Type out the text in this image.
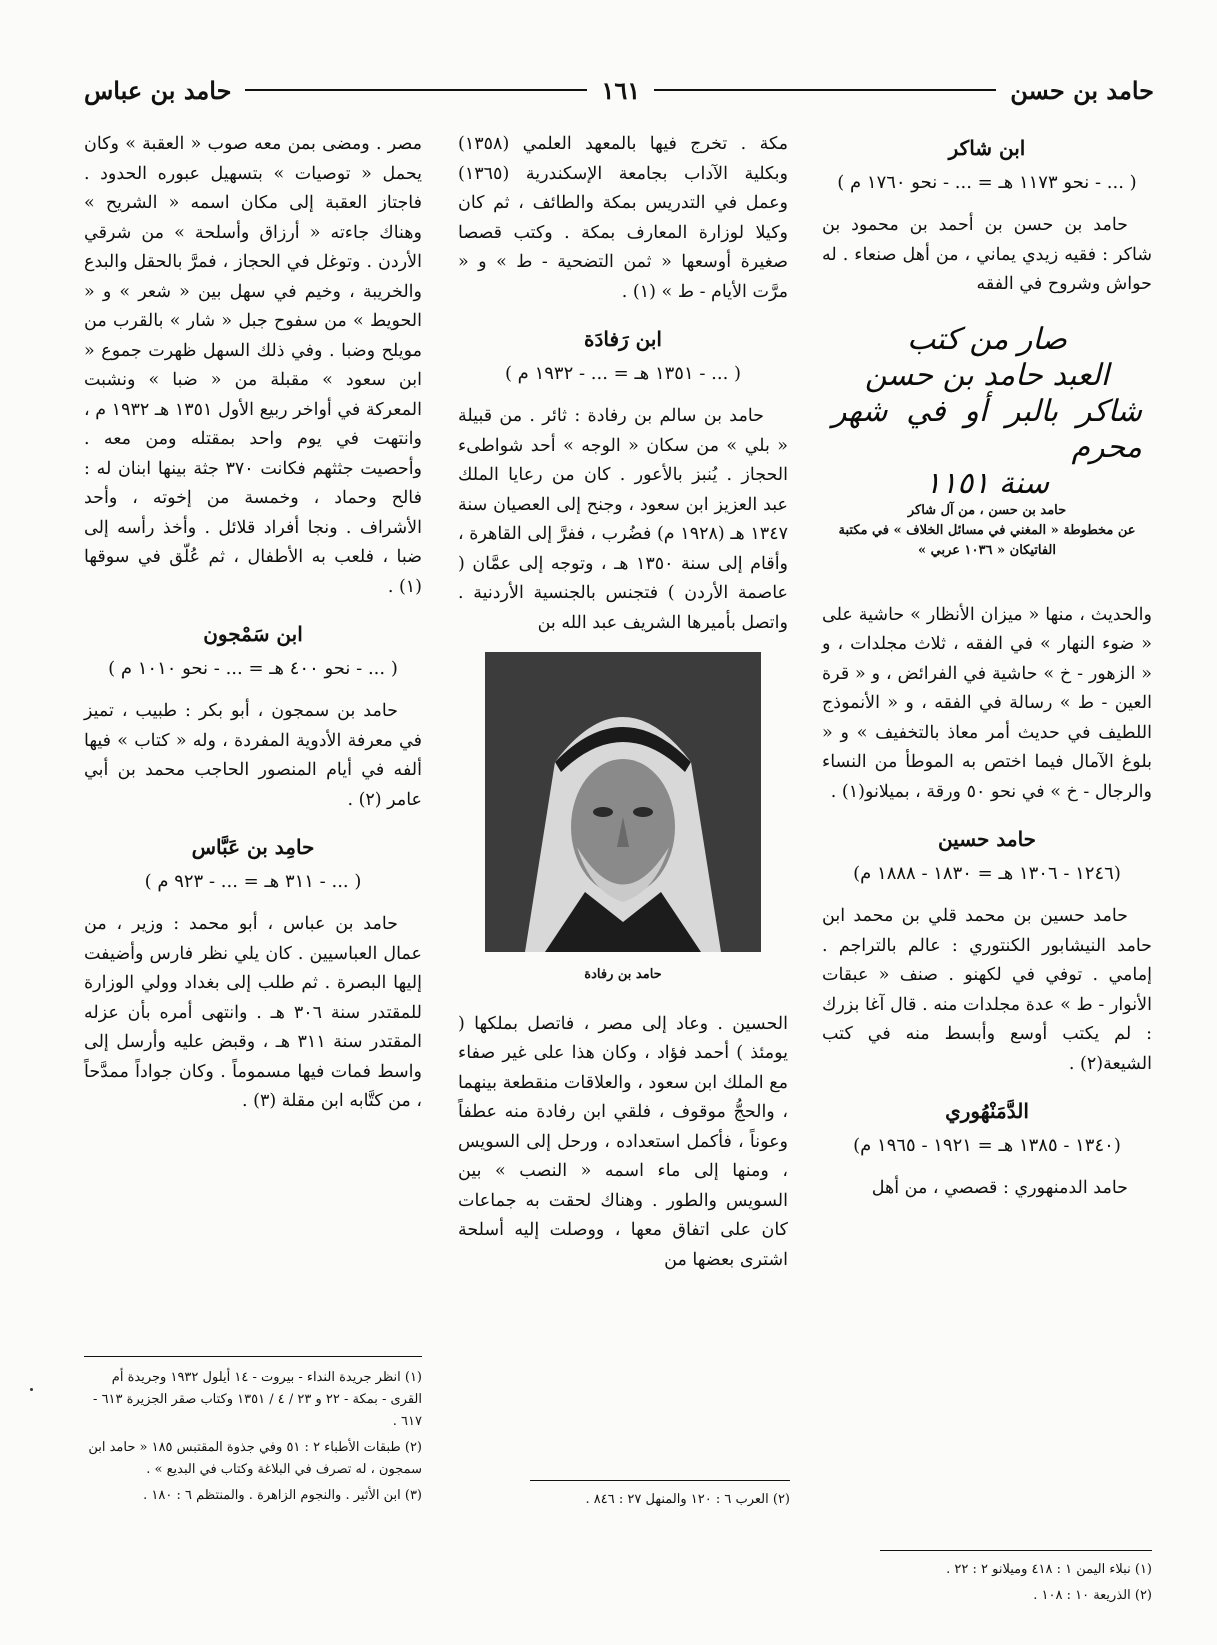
حامد بن حسن
١٦١
حامد بن عباس
ابن شاكر
( ... - نحو ١١٧٣ هـ = ... - نحو ١٧٦٠ م )

حامد بن حسن بن أحمد بن محمود بن شاكر : فقيه زيدي يماني ، من أهل صنعاء . له حواش وشروح في الفقه

صار من كتب
العبد حامد بن حسن
شاكر بالبر أو في شهر محرم
سنة ١١٥١
حامد بن حسن ، من آل شاكر
عن مخطوطة « المغني في مسائل الخلاف » في مكتبة
الفاتيكان « ١٠٣٦ عربي »

والحديث ، منها « ميزان الأنظار » حاشية على « ضوء النهار » في الفقه ، ثلاث مجلدات ، و « الزهور - خ » حاشية في الفرائض ، و « قرة العين - ط » رسالة في الفقه ، و « الأنموذج اللطيف في حديث أمر معاذ بالتخفيف » و « بلوغ الآمال فيما اختص به الموطأ من النساء والرجال - خ » في نحو ٥٠ ورقة ، بميلانو(١) .

حامد حسين
(١٢٤٦ - ١٣٠٦ هـ = ١٨٣٠ - ١٨٨٨ م)

حامد حسين بن محمد قلي بن محمد ابن حامد النيشابور الكنتوري : عالم بالتراجم . إمامي . توفي في لكهنو . صنف « عبقات الأنوار - ط » عدة مجلدات منه . قال آغا بزرك : لم يكتب أوسع وأبسط منه في كتب الشيعة(٢) .

الدَّمَنْهُوري
(١٣٤٠ - ١٣٨٥ هـ = ١٩٢١ - ١٩٦٥ م)

حامد الدمنهوري : قصصي ، من أهل

مكة . تخرج فيها بالمعهد العلمي (١٣٥٨) وبكلية الآداب بجامعة الإسكندرية (١٣٦٥) وعمل في التدريس بمكة والطائف ، ثم كان وكيلا لوزارة المعارف بمكة . وكتب قصصا صغيرة أوسعها « ثمن التضحية - ط » و « مرَّت الأيام - ط » (١) .

ابن رَفادَة
( ... - ١٣٥١ هـ = ... - ١٩٣٢ م )

حامد بن سالم بن رفادة : ثائر . من قبيلة « بلي » من سكان « الوجه » أحد شواطىء الحجاز . يُنبز بالأعور . كان من رعايا الملك عبد العزيز ابن سعود ، وجنح إلى العصيان سنة ١٣٤٧ هـ (١٩٢٨ م) فضُرب ، ففرَّ إلى القاهرة ، وأقام إلى سنة ١٣٥٠ هـ ، وتوجه إلى عمَّان ( عاصمة الأردن ) فتجنس بالجنسية الأردنية . واتصل بأميرها الشريف عبد الله بن

حامد بن رفادة

الحسين . وعاد إلى مصر ، فاتصل بملكها ( يومئذ ) أحمد فؤاد ، وكان هذا على غير صفاء مع الملك ابن سعود ، والعلاقات منقطعة بينهما ، والحجُّ موقوف ، فلقي ابن رفادة منه عطفاً وعوناً ، فأكمل استعداده ، ورحل إلى السويس ، ومنها إلى ماء اسمه « النصب » بين السويس والطور . وهناك لحقت به جماعات كان على اتفاق معها ، ووصلت إليه أسلحة اشترى بعضها من

مصر . ومضى بمن معه صوب « العقبة » وكان يحمل « توصيات » بتسهيل عبوره الحدود . فاجتاز العقبة إلى مكان اسمه « الشريح » وهناك جاءته « أرزاق وأسلحة » من شرقي الأردن . وتوغل في الحجاز ، فمرَّ بالحقل والبدع والخريبة ، وخيم في سهل بين « شعر » و « الحويط » من سفوح جبل « شار » بالقرب من مويلح وضبا . وفي ذلك السهل ظهرت جموع « ابن سعود » مقبلة من « ضبا » ونشبت المعركة في أواخر ربيع الأول ١٣٥١ هـ ١٩٣٢ م ، وانتهت في يوم واحد بمقتله ومن معه . وأحصيت جثثهم فكانت ٣٧٠ جثة بينها ابنان له : فالح وحماد ، وخمسة من إخوته ، وأحد الأشراف . ونجا أفراد قلائل . وأخذ رأسه إلى ضبا ، فلعب به الأطفال ، ثم عُلّق في سوقها (١) .

ابن سَمْجون
( ... - نحو ٤٠٠ هـ = ... - نحو ١٠١٠ م )

حامد بن سمجون ، أبو بكر : طبيب ، تميز في معرفة الأدوية المفردة ، وله « كتاب » فيها ألفه في أيام المنصور الحاجب محمد بن أبي عامر (٢) .

حامِد بن عَبَّاس
( ... - ٣١١ هـ = ... - ٩٢٣ م )

حامد بن عباس ، أبو محمد : وزير ، من عمال العباسيين . كان يلي نظر فارس وأضيفت إليها البصرة . ثم طلب إلى بغداد وولي الوزارة للمقتدر سنة ٣٠٦ هـ . وانتهى أمره بأن عزله المقتدر سنة ٣١١ هـ ، وقبض عليه وأرسل إلى واسط فمات فيها مسموماً . وكان جواداً ممدَّحاً ، من كتَّابه ابن مقلة (٣) .

(١) نبلاء اليمن ١ : ٤١٨ وميلانو ٢ : ٢٢ .
(٢) الذريعة ١٠ : ١٠٨ .
(٢) العرب ٦ : ١٢٠ والمنهل ٢٧ : ٨٤٦ .
(١) انظر جريدة النداء - بيروت - ١٤ أيلول ١٩٣٢ وجريدة أم القرى - بمكة - ٢٢ و ٢٣ / ٤ / ١٣٥١ وكتاب صقر الجزيرة ٦١٣ - ٦١٧ .
(٢) طبقات الأطباء ٢ : ٥١ وفي جذوة المقتبس ١٨٥ « حامد ابن سمجون ، له تصرف في البلاغة وكتاب في البديع » .
(٣) ابن الأثير . والنجوم الزاهرة . والمنتظم ٦ : ١٨٠ .
